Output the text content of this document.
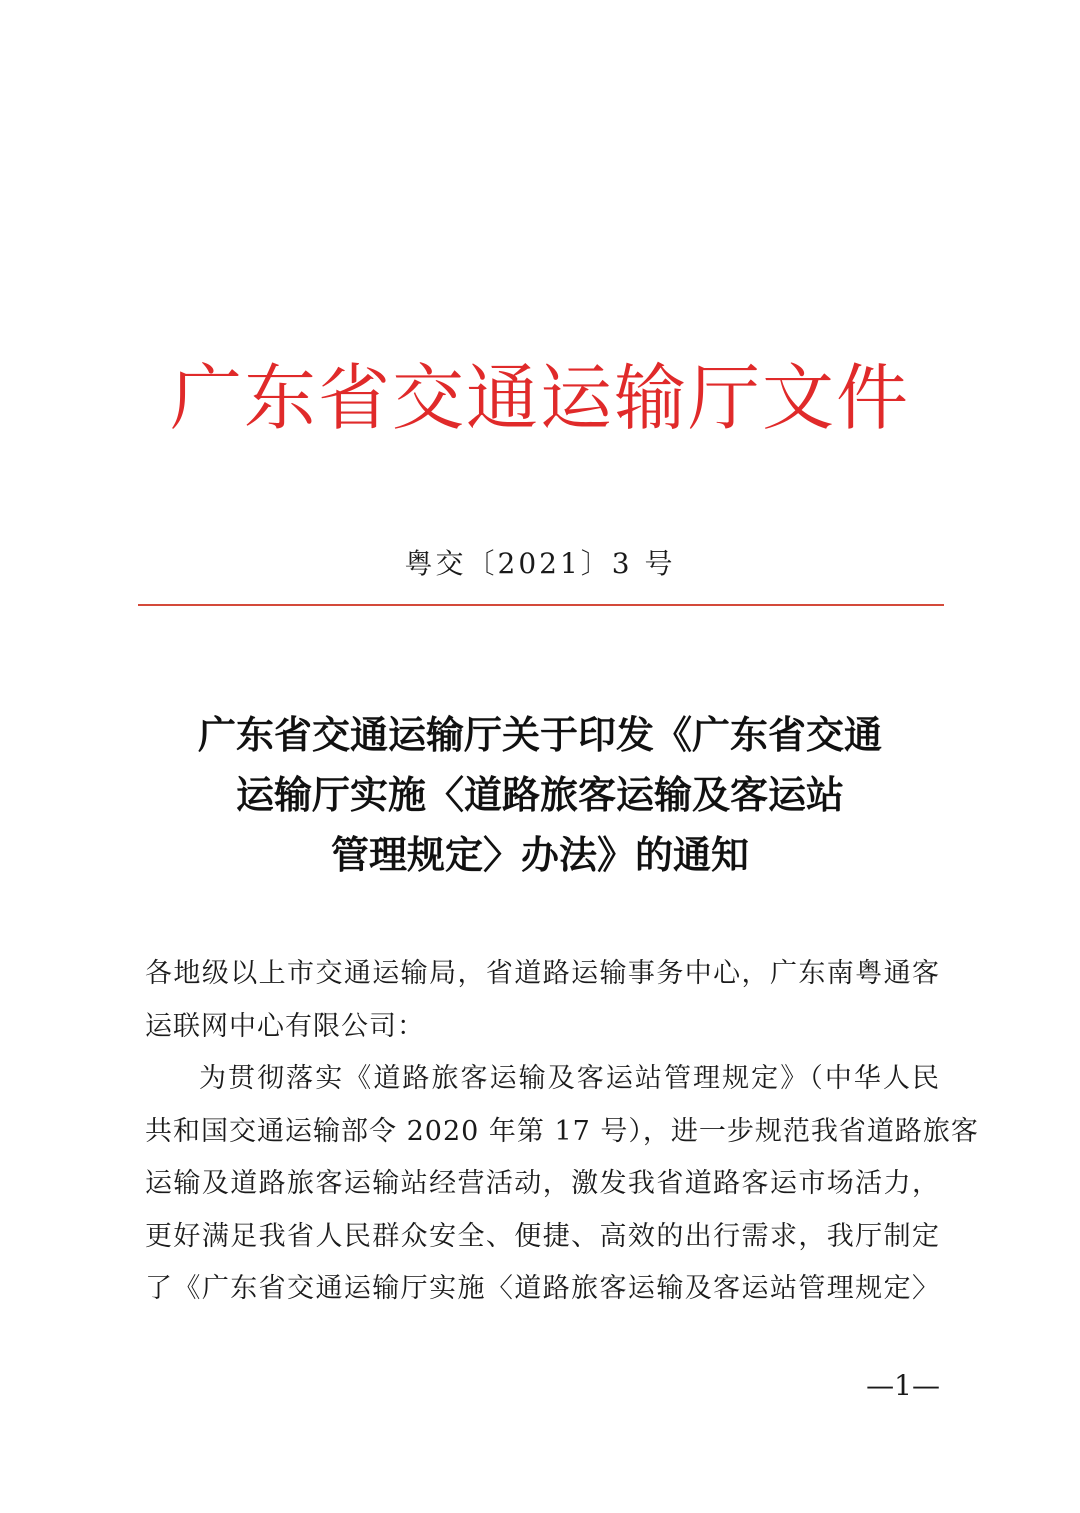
广东省交通运输厅文件
粤交〔2021〕3 号
广东省交通运输厅关于印发《广东省交通
运输厅实施〈道路旅客运输及客运站
管理规定〉办法》的通知
各地级以上市交通运输局，省道路运输事务中心，广东南粤通客
运联网中心有限公司：
为贯彻落实《道路旅客运输及客运站管理规定》（中华人民
共和国交通运输部令 2020 年第 17 号），进一步规范我省道路旅客
运输及道路旅客运输站经营活动，激发我省道路客运市场活力，
更好满足我省人民群众安全、便捷、高效的出行需求，我厅制定
了《广东省交通运输厅实施〈道路旅客运输及客运站管理规定〉
—1—
